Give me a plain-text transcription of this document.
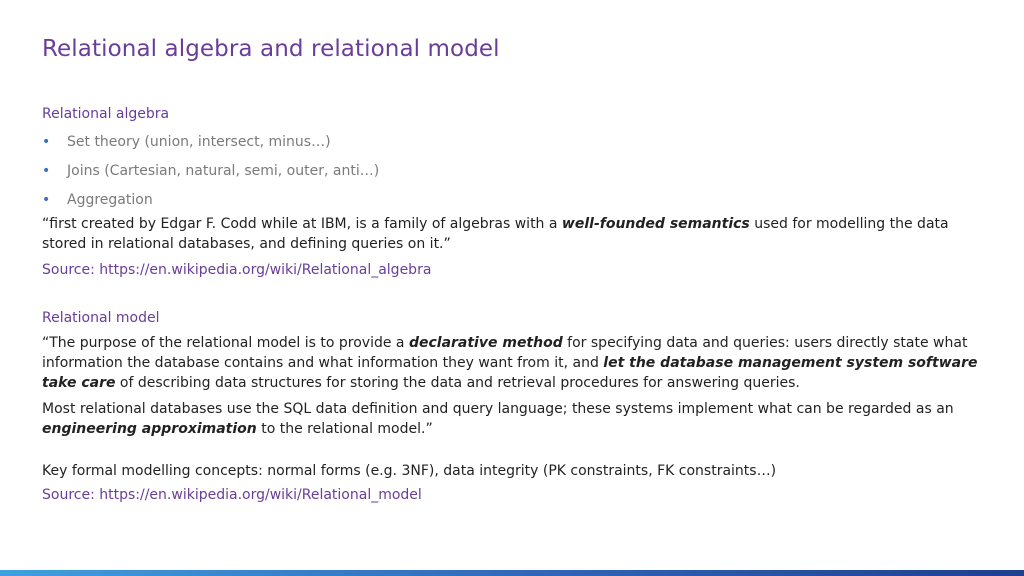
Relational algebra and relational model

Relational algebra

• Set theory (union, intersect, minus…)
• Joins (Cartesian, natural, semi, outer, anti…)
• Aggregation

“first created by Edgar F. Codd while at IBM, is a family of algebras with a well-founded semantics used for modelling the data stored in relational databases, and defining queries on it.”

Source: https://en.wikipedia.org/wiki/Relational_algebra

Relational model

“The purpose of the relational model is to provide a declarative method for specifying data and queries: users directly state what information the database contains and what information they want from it, and let the database management system software take care of describing data structures for storing the data and retrieval procedures for answering queries.

Most relational databases use the SQL data definition and query language; these systems implement what can be regarded as an engineering approximation to the relational model.”

Key formal modelling concepts: normal forms (e.g. 3NF), data integrity (PK constraints, FK constraints…)

Source: https://en.wikipedia.org/wiki/Relational_model
